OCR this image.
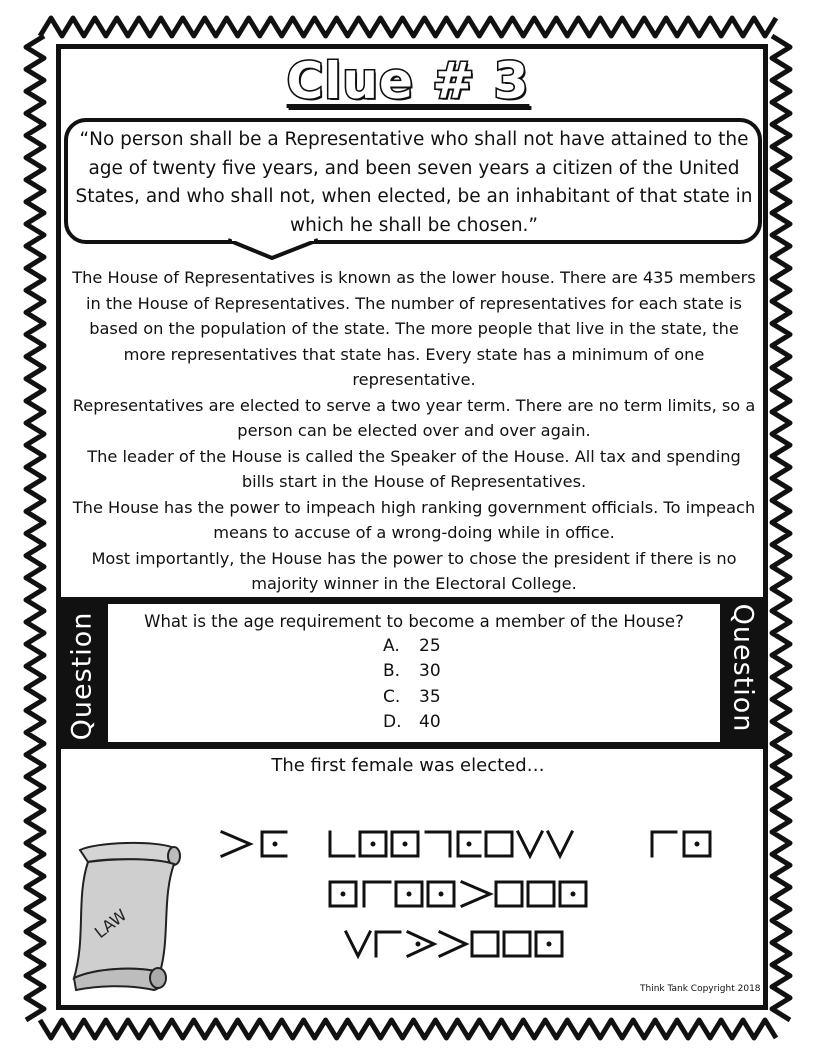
Clue # 3
“No person shall be a Representative who shall not have attained to the age of twenty five years, and been seven years a citizen of the United States, and who shall not, when elected, be an inhabitant of that state in which he shall be chosen.”

The House of Representatives is known as the lower house. There are 435 members in the House of Representatives. The number of representatives for each state is based on the population of the state. The more people that live in the state, the more representatives that state has. Every state has a minimum of one representative.

Representatives are elected to serve a two year term. There are no term limits, so a person can be elected over and over again.

The leader of the House is called the Speaker of the House. All tax and spending bills start in the House of Representatives.

The House has the power to impeach high ranking government officials. To impeach means to accuse of a wrong-doing while in office.

Most importantly, the House has the power to chose the president if there is no majority winner in the Electoral College.

Question	Question
What is the age requirement to become a member of the House?
A. 25
B. 30
C. 35
D. 40
The first female was elected…
LAW
Think Tank Copyright 2018
